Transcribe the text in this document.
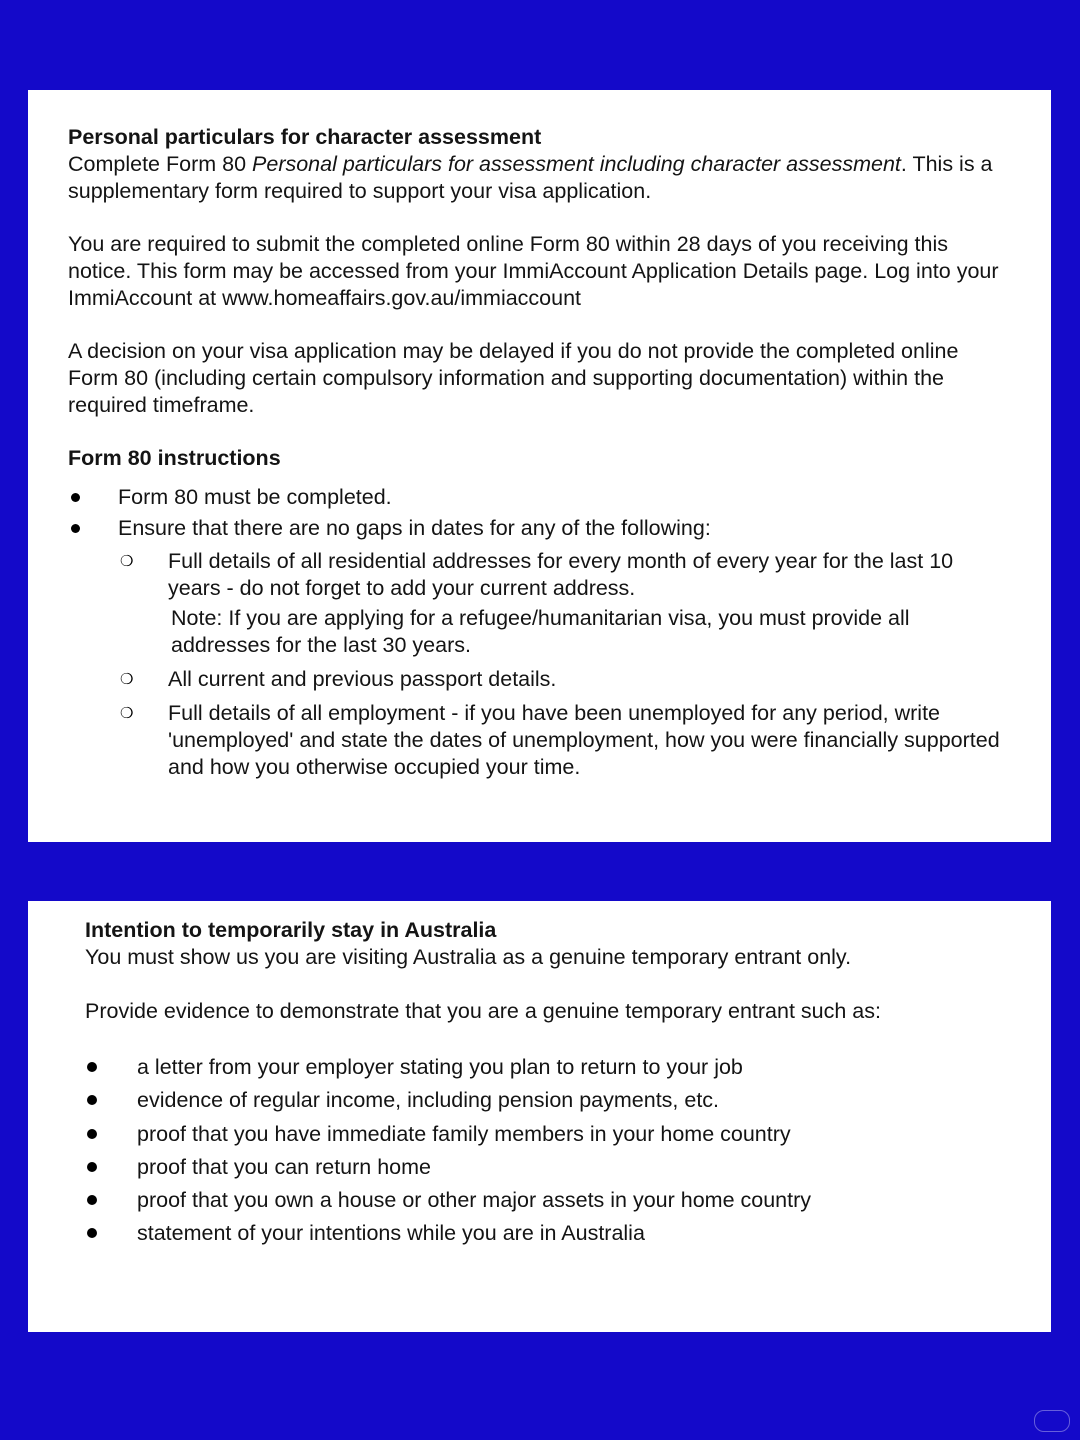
Personal particulars for character assessment
Complete Form 80 Personal particulars for assessment including character assessment. This is a supplementary form required to support your visa application.
You are required to submit the completed online Form 80 within 28 days of you receiving this notice. This form may be accessed from your ImmiAccount Application Details page. Log into your ImmiAccount at www.homeaffairs.gov.au/immiaccount
A decision on your visa application may be delayed if you do not provide the completed online Form 80 (including certain compulsory information and supporting documentation) within the required timeframe.
Form 80 instructions
Form 80 must be completed.
Ensure that there are no gaps in dates for any of the following:
❍ Full details of all residential addresses for every month of every year for the last 10 years - do not forget to add your current address.
Note: If you are applying for a refugee/humanitarian visa, you must provide all addresses for the last 30 years.
❍ All current and previous passport details.
❍ Full details of all employment - if you have been unemployed for any period, write 'unemployed' and state the dates of unemployment, how you were financially supported and how you otherwise occupied your time.
Intention to temporarily stay in Australia
You must show us you are visiting Australia as a genuine temporary entrant only.
Provide evidence to demonstrate that you are a genuine temporary entrant such as:
a letter from your employer stating you plan to return to your job
evidence of regular income, including pension payments, etc.
proof that you have immediate family members in your home country
proof that you can return home
proof that you own a house or other major assets in your home country
statement of your intentions while you are in Australia
